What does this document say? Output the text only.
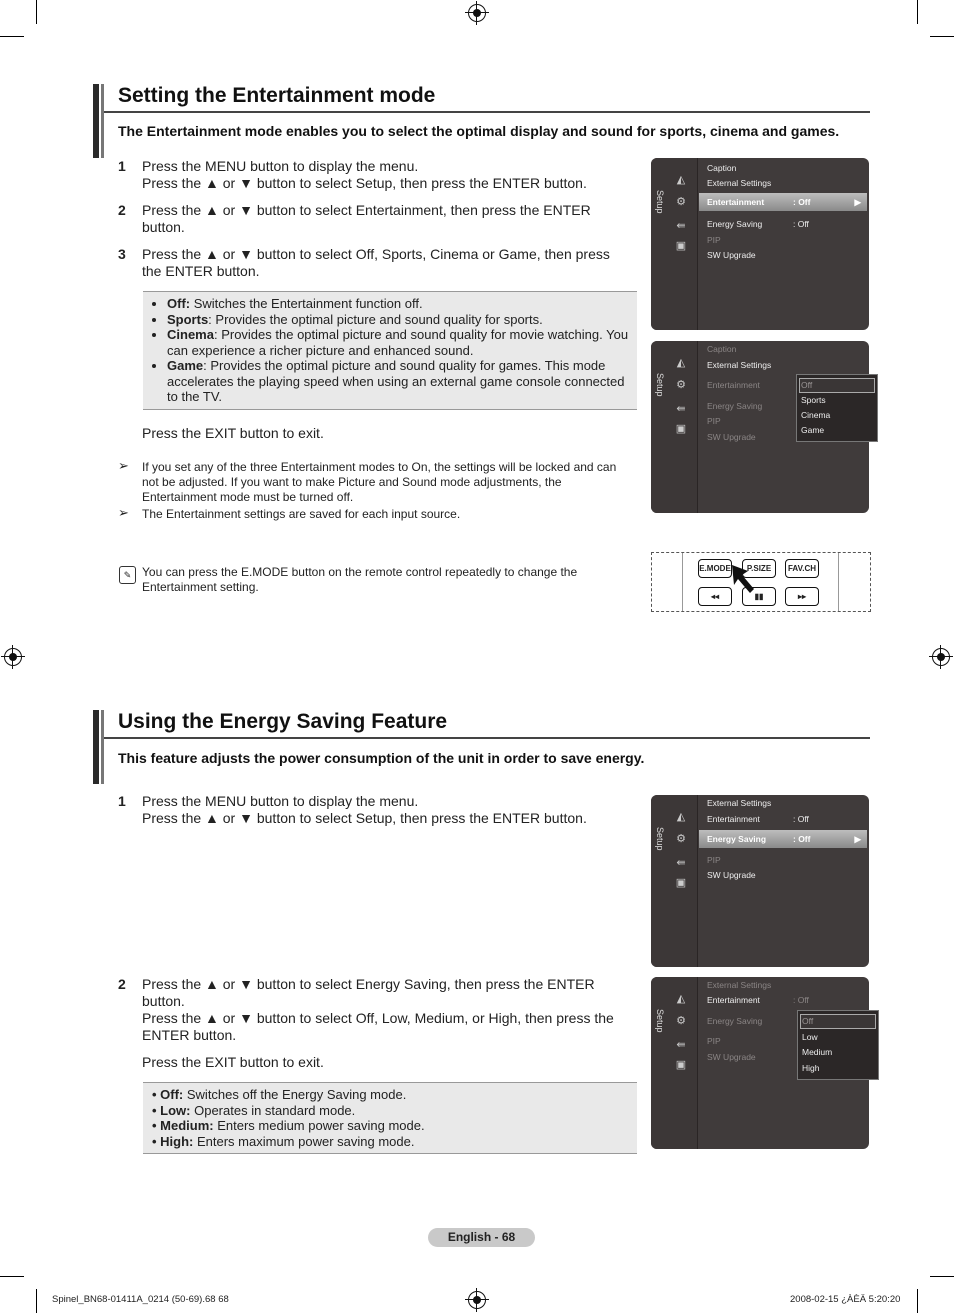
Setting the Entertainment mode
The Entertainment mode enables you to select the optimal display and sound for sports, cinema and games.
1 Press the MENU button to display the menu.
Press the ▲ or ▼ button to select Setup, then press the ENTER button.
2 Press the ▲ or ▼ button to select Entertainment, then press the ENTER
button.
3 Press the ▲ or ▼ button to select Off, Sports, Cinema or Game, then press
the ENTER button.
• Off: Switches the Entertainment function off.
• Sports: Provides the optimal picture and sound quality for sports.
• Cinema: Provides the optimal picture and sound quality for movie watching. You can experience a richer picture and enhanced sound.
• Game: Provides the optimal picture and sound quality for games. This mode accelerates the playing speed when using an external game console connected to the TV.
Press the EXIT button to exit.
➢ If you set any of the three Entertainment modes to On, the settings will be locked and can not be adjusted. If you want to make Picture and Sound mode adjustments, the Entertainment mode must be turned off.
➢ The Entertainment settings are saved for each input source.
✎ You can press the E.MODE button on the remote control repeatedly to change the Entertainment setting.
Setup
◭
⚙
⇚
▣
Caption
External Settings
Entertainment	: Off	▶
Energy Saving	: Off
PIP
SW Upgrade
Setup
◭
⚙
⇚
▣
Caption
External Settings
Entertainment
Energy Saving
PIP
SW Upgrade
Off
Sports
Cinema
Game
E.MODE	P.SIZE	FAV.CH
◂◂	▮▮	▸▸
Using the Energy Saving Feature
This feature adjusts the power consumption of the unit in order to save energy.
1 Press the MENU button to display the menu.
Press the ▲ or ▼ button to select Setup, then press the ENTER button.
2 Press the ▲ or ▼ button to select Energy Saving, then press the ENTER
button.
Press the ▲ or ▼ button to select Off, Low, Medium, or High, then press the
ENTER button.
Press the EXIT button to exit.
• Off: Switches off the Energy Saving mode.
• Low: Operates in standard mode.
• Medium: Enters medium power saving mode.
• High: Enters maximum power saving mode.
Setup
◭
⚙
⇚
▣
External Settings
Entertainment	: Off
Energy Saving	: Off	▶
PIP
SW Upgrade
Setup
◭
⚙
⇚
▣
External Settings
Entertainment	: Off
Energy Saving
PIP
SW Upgrade
Off
Low
Medium
High
English - 68
Spinel_BN68-01411A_0214 (50-69).68 68	2008-02-15 ¿ÀÈÄ 5:20:20
